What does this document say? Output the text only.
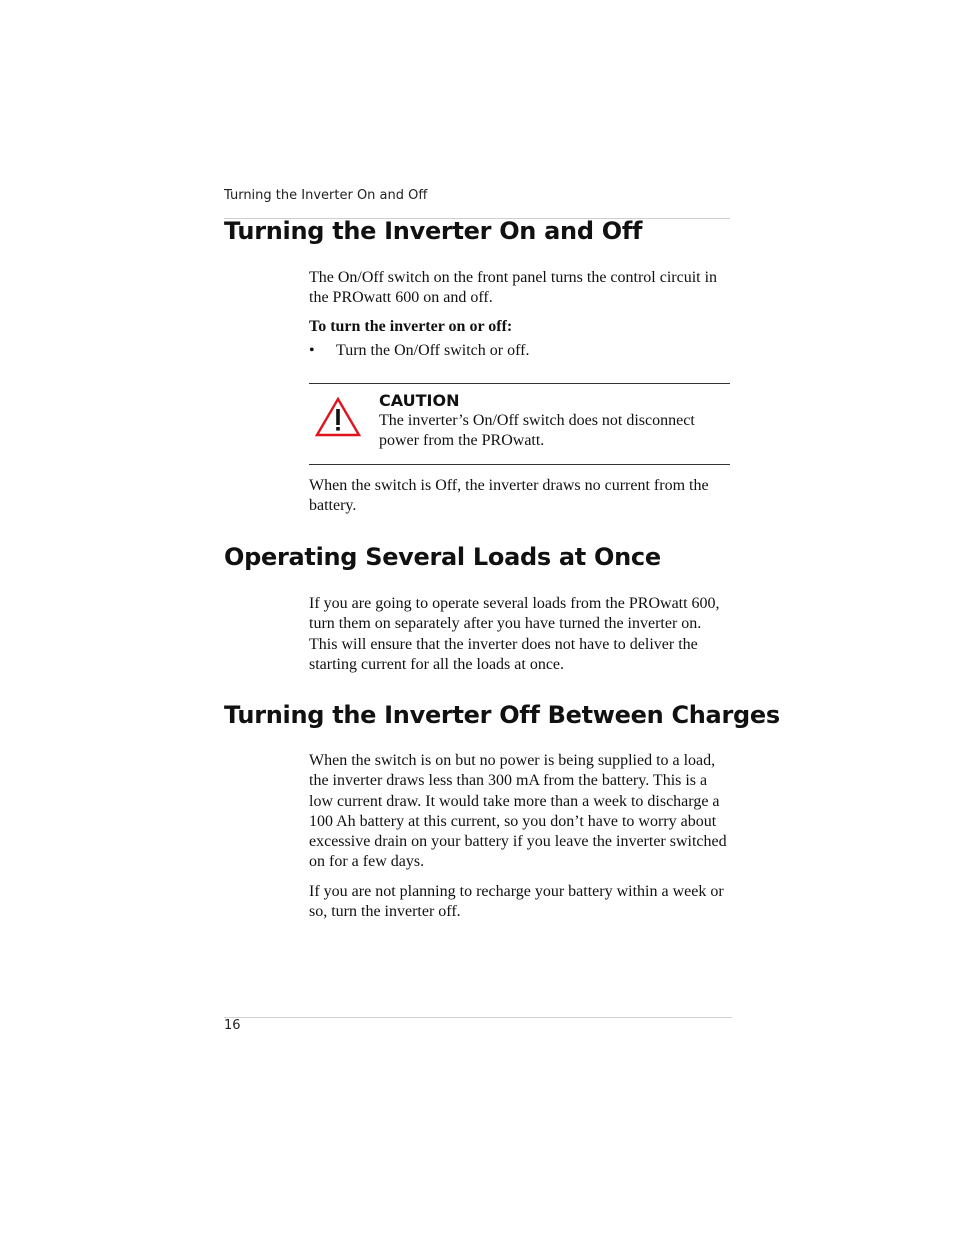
Turning the Inverter On and Off
Turning the Inverter On and Off

The On/Off switch on the front panel turns the control circuit in the PROwatt 600 on and off.

To turn the inverter on or off:

• Turn the On/Off switch or off.

CAUTION

The inverter’s On/Off switch does not disconnect power from the PROwatt.

When the switch is Off, the inverter draws no current from the battery.

Operating Several Loads at Once

If you are going to operate several loads from the PROwatt 600, turn them on separately after you have turned the inverter on. This will ensure that the inverter does not have to deliver the starting current for all the loads at once.

Turning the Inverter Off Between Charges

When the switch is on but no power is being supplied to a load, the inverter draws less than 300 mA from the battery. This is a low current draw. It would take more than a week to discharge a 100 Ah battery at this current, so you don’t have to worry about excessive drain on your battery if you leave the inverter switched on for a few days.

If you are not planning to recharge your battery within a week or so, turn the inverter off.

16
